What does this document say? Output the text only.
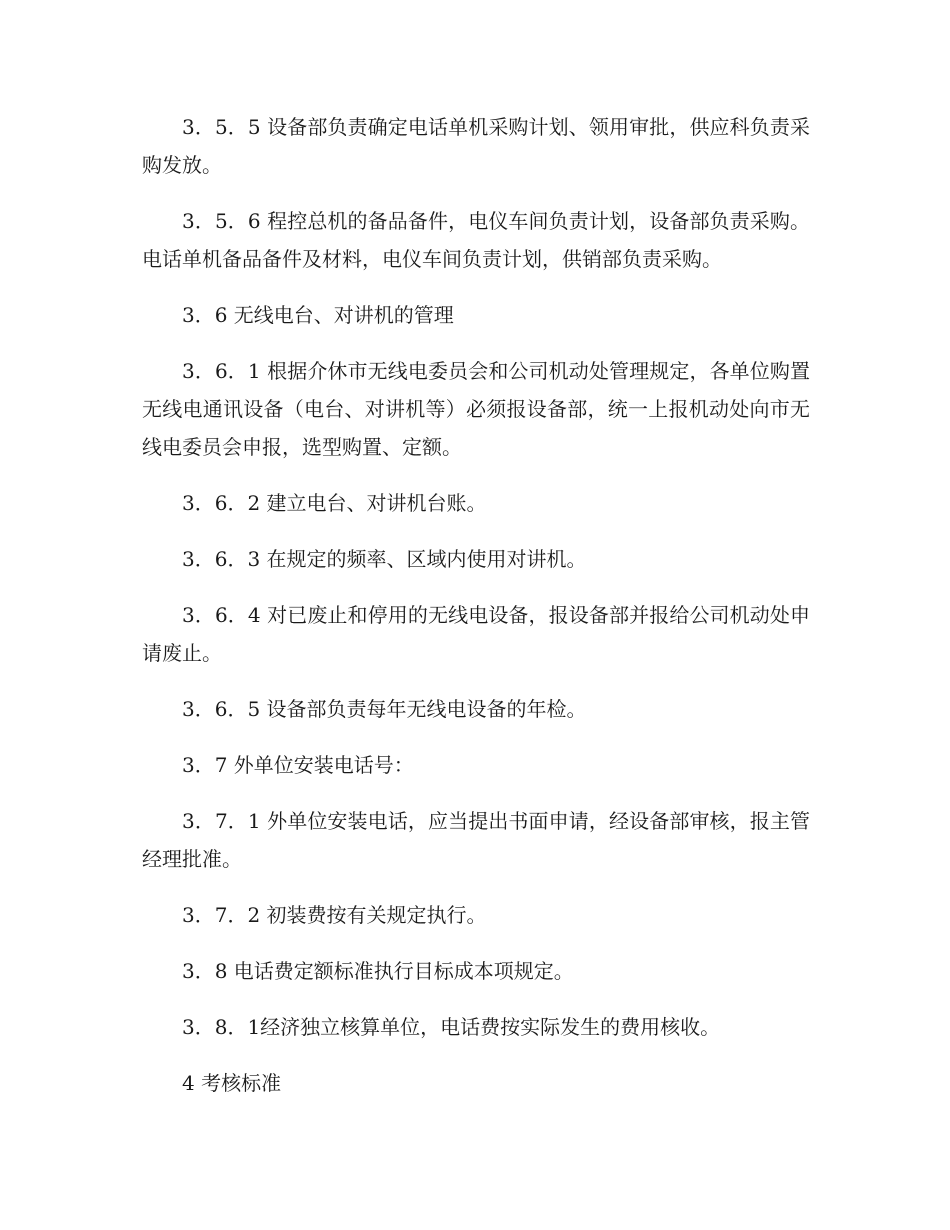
3．5．5 设备部负责确定电话单机采购计划、领用审批，供应科负责采购发放。

3．5．6 程控总机的备品备件，电仪车间负责计划，设备部负责采购。电话单机备品备件及材料，电仪车间负责计划，供销部负责采购。

3．6 无线电台、对讲机的管理

3．6．1 根据介休市无线电委员会和公司机动处管理规定，各单位购置无线电通讯设备（电台、对讲机等）必须报设备部，统一上报机动处向市无线电委员会申报，选型购置、定额。

3．6．2 建立电台、对讲机台账。

3．6．3 在规定的频率、区域内使用对讲机。

3．6．4 对已废止和停用的无线电设备，报设备部并报给公司机动处申请废止。

3．6．5 设备部负责每年无线电设备的年检。

3．7 外单位安装电话号：

3．7．1 外单位安装电话，应当提出书面申请，经设备部审核，报主管经理批准。

3．7．2 初装费按有关规定执行。

3．8 电话费定额标准执行目标成本项规定。

3．8．1经济独立核算单位，电话费按实际发生的费用核收。

4 考核标准
